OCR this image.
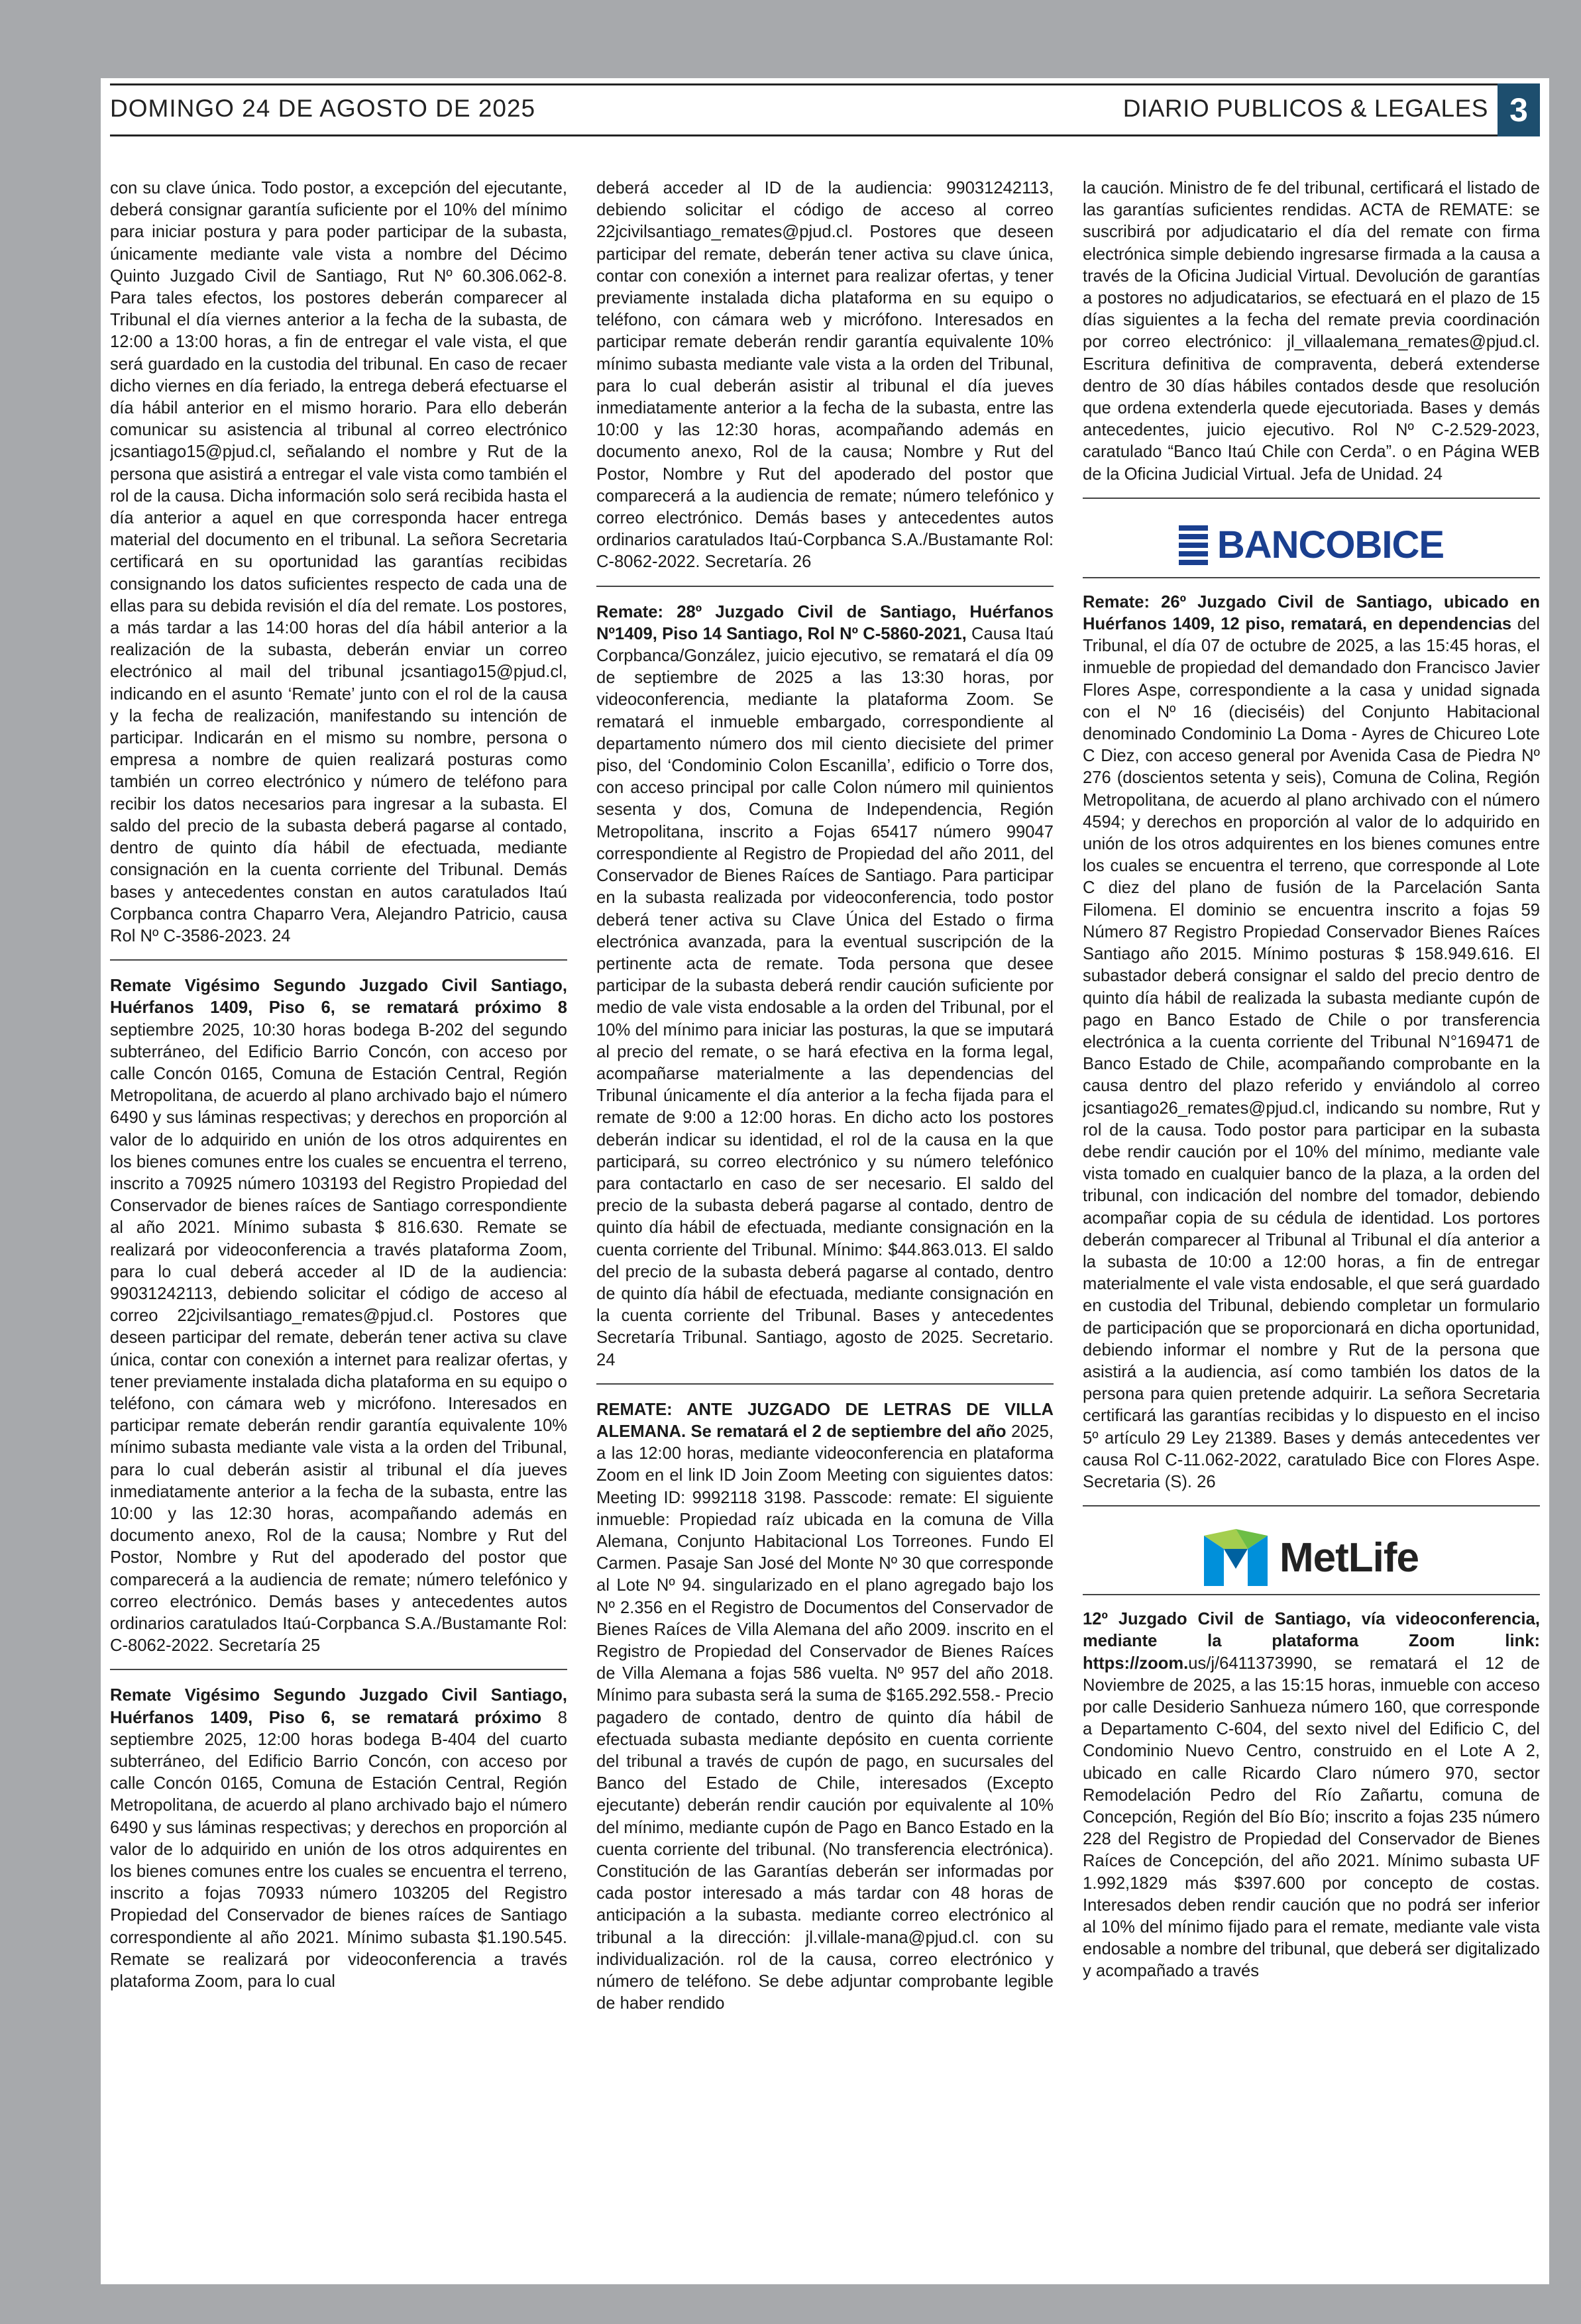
DOMINGO 24 DE AGOSTO DE 2025	DIARIO PUBLICOS & LEGALES 3

con su clave única. Todo postor, a excepción del ejecutante, deberá consignar garantía suficiente por el 10% del mínimo para iniciar postura y para poder participar de la subasta, únicamente mediante vale vista a nombre del Décimo Quinto Juzgado Civil de Santiago, Rut Nº 60.306.062-8. Para tales efectos, los postores deberán comparecer al Tribunal el día viernes anterior a la fecha de la subasta, de 12:00 a 13:00 horas, a fin de entregar el vale vista, el que será guardado en la custodia del tribunal. En caso de recaer dicho viernes en día feriado, la entrega deberá efectuarse el día hábil anterior en el mismo horario. Para ello deberán comunicar su asistencia al tribunal al correo electrónico jcsantiago15@pjud.cl, señalando el nombre y Rut de la persona que asistirá a entregar el vale vista como también el rol de la causa. Dicha información solo será recibida hasta el día anterior a aquel en que corresponda hacer entrega material del documento en el tribunal. La señora Secretaria certificará en su oportunidad las garantías recibidas consignando los datos suficientes respecto de cada una de ellas para su debida revisión el día del remate. Los postores, a más tardar a las 14:00 horas del día hábil anterior a la realización de la subasta, deberán enviar un correo electrónico al mail del tribunal jcsantiago15@pjud.cl, indicando en el asunto ‘Remate’ junto con el rol de la causa y la fecha de realización, manifestando su intención de participar. Indicarán en el mismo su nombre, persona o empresa a nombre de quien realizará posturas como también un correo electrónico y número de teléfono para recibir los datos necesarios para ingresar a la subasta. El saldo del precio de la subasta deberá pagarse al contado, dentro de quinto día hábil de efectuada, mediante consignación en la cuenta corriente del Tribunal. Demás bases y antecedentes constan en autos caratulados Itaú Corpbanca contra Chaparro Vera, Alejandro Patricio, causa Rol Nº C-3586-2023. 24

Remate Vigésimo Segundo Juzgado Civil Santiago, Huérfanos 1409, Piso 6, se rematará próximo 8 septiembre 2025, 10:30 horas bodega B-202 del segundo subterráneo, del Edificio Barrio Concón, con acceso por calle Concón 0165, Comuna de Estación Central, Región Metropolitana, de acuerdo al plano archivado bajo el número 6490 y sus láminas respectivas; y derechos en proporción al valor de lo adquirido en unión de los otros adquirentes en los bienes comunes entre los cuales se encuentra el terreno, inscrito a 70925 número 103193 del Registro Propiedad del Conservador de bienes raíces de Santiago correspondiente al año 2021. Mínimo subasta $ 816.630. Remate se realizará por videoconferencia a través plataforma Zoom, para lo cual deberá acceder al ID de la audiencia: 99031242113, debiendo solicitar el código de acceso al correo 22jcivilsantiago_remates@pjud.cl. Postores que deseen participar del remate, deberán tener activa su clave única, contar con conexión a internet para realizar ofertas, y tener previamente instalada dicha plataforma en su equipo o teléfono, con cámara web y micrófono. Interesados en participar remate deberán rendir garantía equivalente 10% mínimo subasta mediante vale vista a la orden del Tribunal, para lo cual deberán asistir al tribunal el día jueves inmediatamente anterior a la fecha de la subasta, entre las 10:00 y las 12:30 horas, acompañando además en documento anexo, Rol de la causa; Nombre y Rut del Postor, Nombre y Rut del apoderado del postor que comparecerá a la audiencia de remate; número telefónico y correo electrónico. Demás bases y antecedentes autos ordinarios caratulados Itaú-Corpbanca S.A./Bustamante Rol: C-8062-2022. Secretaría 25

Remate Vigésimo Segundo Juzgado Civil Santiago, Huérfanos 1409, Piso 6, se rematará próximo 8 septiembre 2025, 12:00 horas bodega B-404 del cuarto subterráneo, del Edificio Barrio Concón, con acceso por calle Concón 0165, Comuna de Estación Central, Región Metropolitana, de acuerdo al plano archivado bajo el número 6490 y sus láminas respectivas; y derechos en proporción al valor de lo adquirido en unión de los otros adquirentes en los bienes comunes entre los cuales se encuentra el terreno, inscrito a fojas 70933 número 103205 del Registro Propiedad del Conservador de bienes raíces de Santiago correspondiente al año 2021. Mínimo subasta $1.190.545. Remate se realizará por videoconferencia a través plataforma Zoom, para lo cual

deberá acceder al ID de la audiencia: 99031242113, debiendo solicitar el código de acceso al correo 22jcivilsantiago_remates@pjud.cl. Postores que deseen participar del remate, deberán tener activa su clave única, contar con conexión a internet para realizar ofertas, y tener previamente instalada dicha plataforma en su equipo o teléfono, con cámara web y micrófono. Interesados en participar remate deberán rendir garantía equivalente 10% mínimo subasta mediante vale vista a la orden del Tribunal, para lo cual deberán asistir al tribunal el día jueves inmediatamente anterior a la fecha de la subasta, entre las 10:00 y las 12:30 horas, acompañando además en documento anexo, Rol de la causa; Nombre y Rut del Postor, Nombre y Rut del apoderado del postor que comparecerá a la audiencia de remate; número telefónico y correo electrónico. Demás bases y antecedentes autos ordinarios caratulados Itaú-Corpbanca S.A./Bustamante Rol: C-8062-2022. Secretaría. 26

Remate: 28º Juzgado Civil de Santiago, Huérfanos Nº1409, Piso 14 Santiago, Rol Nº C-5860-2021, Causa Itaú Corpbanca/González, juicio ejecutivo, se rematará el día 09 de septiembre de 2025 a las 13:30 horas, por videoconferencia, mediante la plataforma Zoom. Se rematará el inmueble embargado, correspondiente al departamento número dos mil ciento diecisiete del primer piso, del ‘Condominio Colon Escanilla’, edificio o Torre dos, con acceso principal por calle Colon número mil quinientos sesenta y dos, Comuna de Independencia, Región Metropolitana, inscrito a Fojas 65417 número 99047 correspondiente al Registro de Propiedad del año 2011, del Conservador de Bienes Raíces de Santiago. Para participar en la subasta realizada por videoconferencia, todo postor deberá tener activa su Clave Única del Estado o firma electrónica avanzada, para la eventual suscripción de la pertinente acta de remate. Toda persona que desee participar de la subasta deberá rendir caución suficiente por medio de vale vista endosable a la orden del Tribunal, por el 10% del mínimo para iniciar las posturas, la que se imputará al precio del remate, o se hará efectiva en la forma legal, acompañarse materialmente a las dependencias del Tribunal únicamente el día anterior a la fecha fijada para el remate de 9:00 a 12:00 horas. En dicho acto los postores deberán indicar su identidad, el rol de la causa en la que participará, su correo electrónico y su número telefónico para contactarlo en caso de ser necesario. El saldo del precio de la subasta deberá pagarse al contado, dentro de quinto día hábil de efectuada, mediante consignación en la cuenta corriente del Tribunal. Mínimo: $44.863.013. El saldo del precio de la subasta deberá pagarse al contado, dentro de quinto día hábil de efectuada, mediante consignación en la cuenta corriente del Tribunal. Bases y antecedentes Secretaría Tribunal. Santiago, agosto de 2025. Secretario. 24

REMATE: ANTE JUZGADO DE LETRAS DE VILLA ALEMANA. Se rematará el 2 de septiembre del año 2025, a las 12:00 horas, mediante videoconferencia en plataforma Zoom en el link ID Join Zoom Meeting con siguientes datos: Meeting ID: 9992118 3198. Passcode: remate: El siguiente inmueble: Propiedad raíz ubicada en la comuna de Villa Alemana, Conjunto Habitacional Los Torreones. Fundo El Carmen. Pasaje San José del Monte Nº 30 que corresponde al Lote Nº 94. singularizado en el plano agregado bajo los Nº 2.356 en el Registro de Documentos del Conservador de Bienes Raíces de Villa Alemana del año 2009. inscrito en el Registro de Propiedad del Conservador de Bienes Raíces de Villa Alemana a fojas 586 vuelta. Nº 957 del año 2018. Mínimo para subasta será la suma de $165.292.558.- Precio pagadero de contado, dentro de quinto día hábil de efectuada subasta mediante depósito en cuenta corriente del tribunal a través de cupón de pago, en sucursales del Banco del Estado de Chile, interesados (Excepto ejecutante) deberán rendir caución por equivalente al 10% del mínimo, mediante cupón de Pago en Banco Estado en la cuenta corriente del tribunal. (No transferencia electrónica). Constitución de las Garantías deberán ser informadas por cada postor interesado a más tardar con 48 horas de anticipación a la subasta. mediante correo electrónico al tribunal a la dirección: jl.villale-mana@pjud.cl. con su individualización. rol de la causa, correo electrónico y número de teléfono. Se debe adjuntar comprobante legible de haber rendido

la caución. Ministro de fe del tribunal, certificará el listado de las garantías suficientes rendidas. ACTA de REMATE: se suscribirá por adjudicatario el día del remate con firma electrónica simple debiendo ingresarse firmada a la causa a través de la Oficina Judicial Virtual. Devolución de garantías a postores no adjudicatarios, se efectuará en el plazo de 15 días siguientes a la fecha del remate previa coordinación por correo electrónico: jl_villaalemana_remates@pjud.cl. Escritura definitiva de compraventa, deberá extenderse dentro de 30 días hábiles contados desde que resolución que ordena extenderla quede ejecutoriada. Bases y demás antecedentes, juicio ejecutivo. Rol Nº C-2.529-2023, caratulado “Banco Itaú Chile con Cerda”. o en Página WEB de la Oficina Judicial Virtual. Jefa de Unidad. 24

BANCOBICE

Remate: 26º Juzgado Civil de Santiago, ubicado en Huérfanos 1409, 12 piso, rematará, en dependencias del Tribunal, el día 07 de octubre de 2025, a las 15:45 horas, el inmueble de propiedad del demandado don Francisco Javier Flores Aspe, correspondiente a la casa y unidad signada con el Nº 16 (dieciséis) del Conjunto Habitacional denominado Condominio La Doma - Ayres de Chicureo Lote C Diez, con acceso general por Avenida Casa de Piedra Nº 276 (doscientos setenta y seis), Comuna de Colina, Región Metropolitana, de acuerdo al plano archivado con el número 4594; y derechos en proporción al valor de lo adquirido en unión de los otros adquirentes en los bienes comunes entre los cuales se encuentra el terreno, que corresponde al Lote C diez del plano de fusión de la Parcelación Santa Filomena. El dominio se encuentra inscrito a fojas 59 Número 87 Registro Propiedad Conservador Bienes Raíces Santiago año 2015. Mínimo posturas $ 158.949.616. El subastador deberá consignar el saldo del precio dentro de quinto día hábil de realizada la subasta mediante cupón de pago en Banco Estado de Chile o por transferencia electrónica a la cuenta corriente del Tribunal N°169471 de Banco Estado de Chile, acompañando comprobante en la causa dentro del plazo referido y enviándolo al correo jcsantiago26_remates@pjud.cl, indicando su nombre, Rut y rol de la causa. Todo postor para participar en la subasta debe rendir caución por el 10% del mínimo, mediante vale vista tomado en cualquier banco de la plaza, a la orden del tribunal, con indicación del nombre del tomador, debiendo acompañar copia de su cédula de identidad. Los portores deberán comparecer al Tribunal al Tribunal el día anterior a la subasta de 10:00 a 12:00 horas, a fin de entregar materialmente el vale vista endosable, el que será guardado en custodia del Tribunal, debiendo completar un formulario de participación que se proporcionará en dicha oportunidad, debiendo informar el nombre y Rut de la persona que asistirá a la audiencia, así como también los datos de la persona para quien pretende adquirir. La señora Secretaria certificará las garantías recibidas y lo dispuesto en el inciso 5º artículo 29 Ley 21389. Bases y demás antecedentes ver causa Rol C-11.062-2022, caratulado Bice con Flores Aspe. Secretaria (S). 26

MetLife

12º Juzgado Civil de Santiago, vía videoconferencia, mediante la plataforma Zoom link: https://zoom.us/j/6411373990, se rematará el 12 de Noviembre de 2025, a las 15:15 horas, inmueble con acceso por calle Desiderio Sanhueza número 160, que corresponde a Departamento C-604, del sexto nivel del Edificio C, del Condominio Nuevo Centro, construido en el Lote A 2, ubicado en calle Ricardo Claro número 970, sector Remodelación Pedro del Río Zañartu, comuna de Concepción, Región del Bío Bío; inscrito a fojas 235 número 228 del Registro de Propiedad del Conservador de Bienes Raíces de Concepción, del año 2021. Mínimo subasta UF 1.992,1829 más $397.600 por concepto de costas. Interesados deben rendir caución que no podrá ser inferior al 10% del mínimo fijado para el remate, mediante vale vista endosable a nombre del tribunal, que deberá ser digitalizado y acompañado a través
